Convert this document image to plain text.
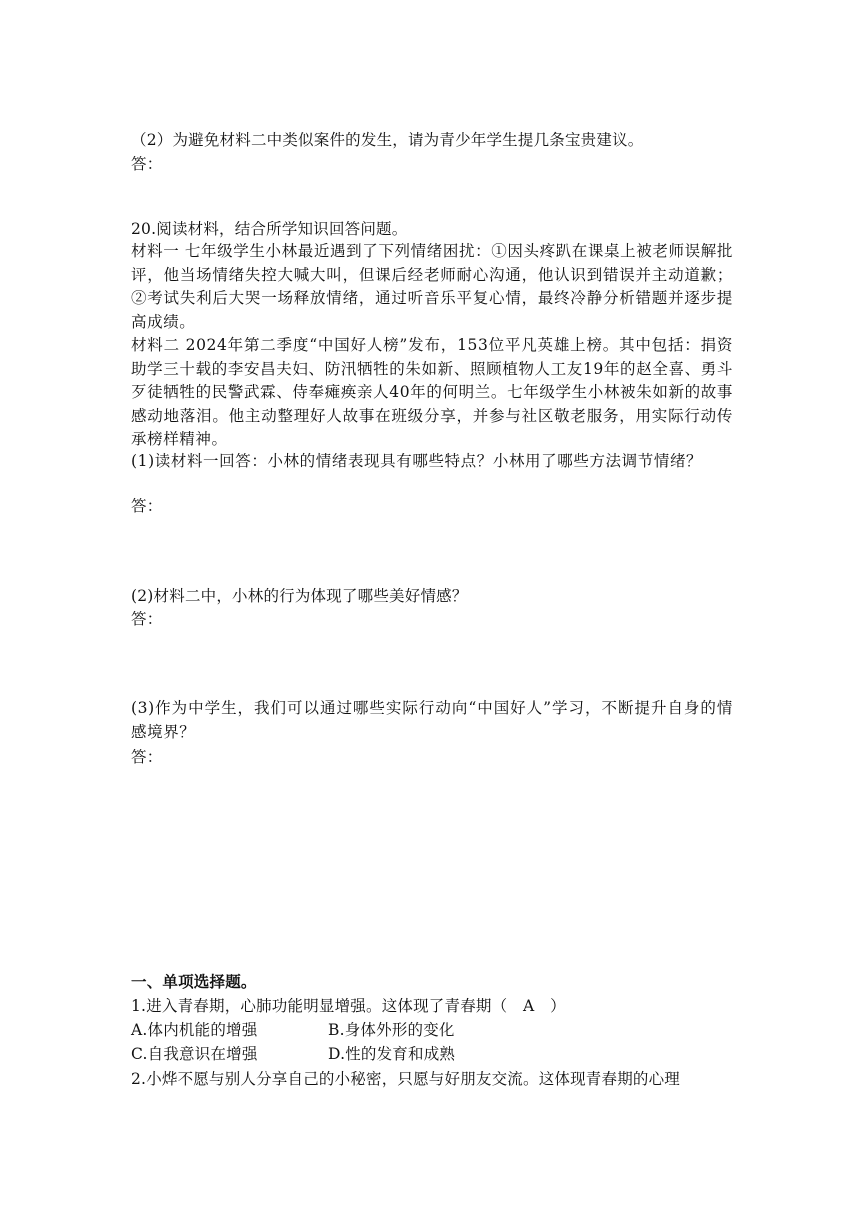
（2）为避免材料二中类似案件的发生，请为青少年学生提几条宝贵建议。
答：
20.阅读材料，结合所学知识回答问题。
材料一 七年级学生小林最近遇到了下列情绪困扰：①因头疼趴在课桌上被老师误解批评，他当场情绪失控大喊大叫，但课后经老师耐心沟通，他认识到错误并主动道歉；②考试失利后大哭一场释放情绪，通过听音乐平复心情，最终冷静分析错题并逐步提高成绩。
材料二 2024年第二季度“中国好人榜”发布，153位平凡英雄上榜。其中包括：捐资助学三十载的李安昌夫妇、防汛牺牲的朱如新、照顾植物人工友19年的赵全喜、勇斗歹徒牺牲的民警武霖、侍奉瘫痪亲人40年的何明兰。七年级学生小林被朱如新的故事感动地落泪。他主动整理好人故事在班级分享，并参与社区敬老服务，用实际行动传承榜样精神。
(1)读材料一回答：小林的情绪表现具有哪些特点？小林用了哪些方法调节情绪？
答：
(2)材料二中，小林的行为体现了哪些美好情感？
答：
(3)作为中学生，我们可以通过哪些实际行动向“中国好人”学习，不断提升自身的情感境界？
答：
一、单项选择题。
1.进入青春期，心肺功能明显增强。这体现了青春期（　A　）
A.体内机能的增强	B.身体外形的变化
C.自我意识在增强	D.性的发育和成熟
2.小烨不愿与别人分享自己的小秘密，只愿与好朋友交流。这体现青春期的心理
